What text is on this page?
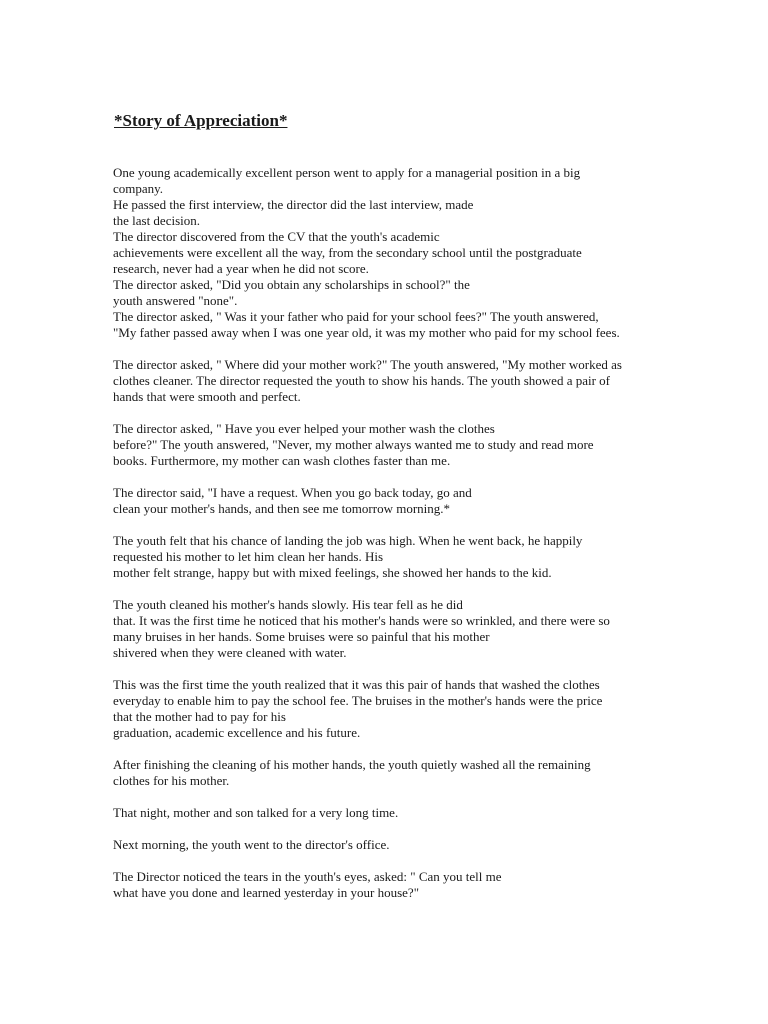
*Story of Appreciation*
One young academically excellent person went to apply for a managerial position in a big
company.
He passed the first interview, the director did the last interview, made
the last decision.
The director discovered from the CV that the youth's academic
achievements were excellent all the way, from the secondary school until the postgraduate
research, never had a year when he did not score.
The director asked, "Did you obtain any scholarships in school?" the
youth answered "none".
The director asked, " Was it your father who paid for your school fees?" The youth answered,
"My father passed away when I was one year old, it was my mother who paid for my school fees.
The director asked, " Where did your mother work?" The youth answered, "My mother worked as
clothes cleaner. The director requested the youth to show his hands. The youth showed a pair of
hands that were smooth and perfect.
The director asked, " Have you ever helped your mother wash the clothes
before?" The youth answered, "Never, my mother always wanted me to study and read more
books. Furthermore, my mother can wash clothes faster than me.
The director said, "I have a request. When you go back today, go and
clean your mother's hands, and then see me tomorrow morning.*
The youth felt that his chance of landing the job was high. When he went back, he happily
requested his mother to let him clean her hands. His
mother felt strange, happy but with mixed feelings, she showed her hands to the kid.
The youth cleaned his mother's hands slowly. His tear fell as he did
that. It was the first time he noticed that his mother's hands were so wrinkled, and there were so
many bruises in her hands. Some bruises were so painful that his mother
shivered when they were cleaned with water.
This was the first time the youth realized that it was this pair of hands that washed the clothes
everyday to enable him to pay the school fee. The bruises in the mother's hands were the price
that the mother had to pay for his
graduation, academic excellence and his future.
After finishing the cleaning of his mother hands, the youth quietly washed all the remaining
clothes for his mother.
That night, mother and son talked for a very long time.
Next morning, the youth went to the director's office.
The Director noticed the tears in the youth's eyes, asked: " Can you tell me
what have you done and learned yesterday in your house?"
